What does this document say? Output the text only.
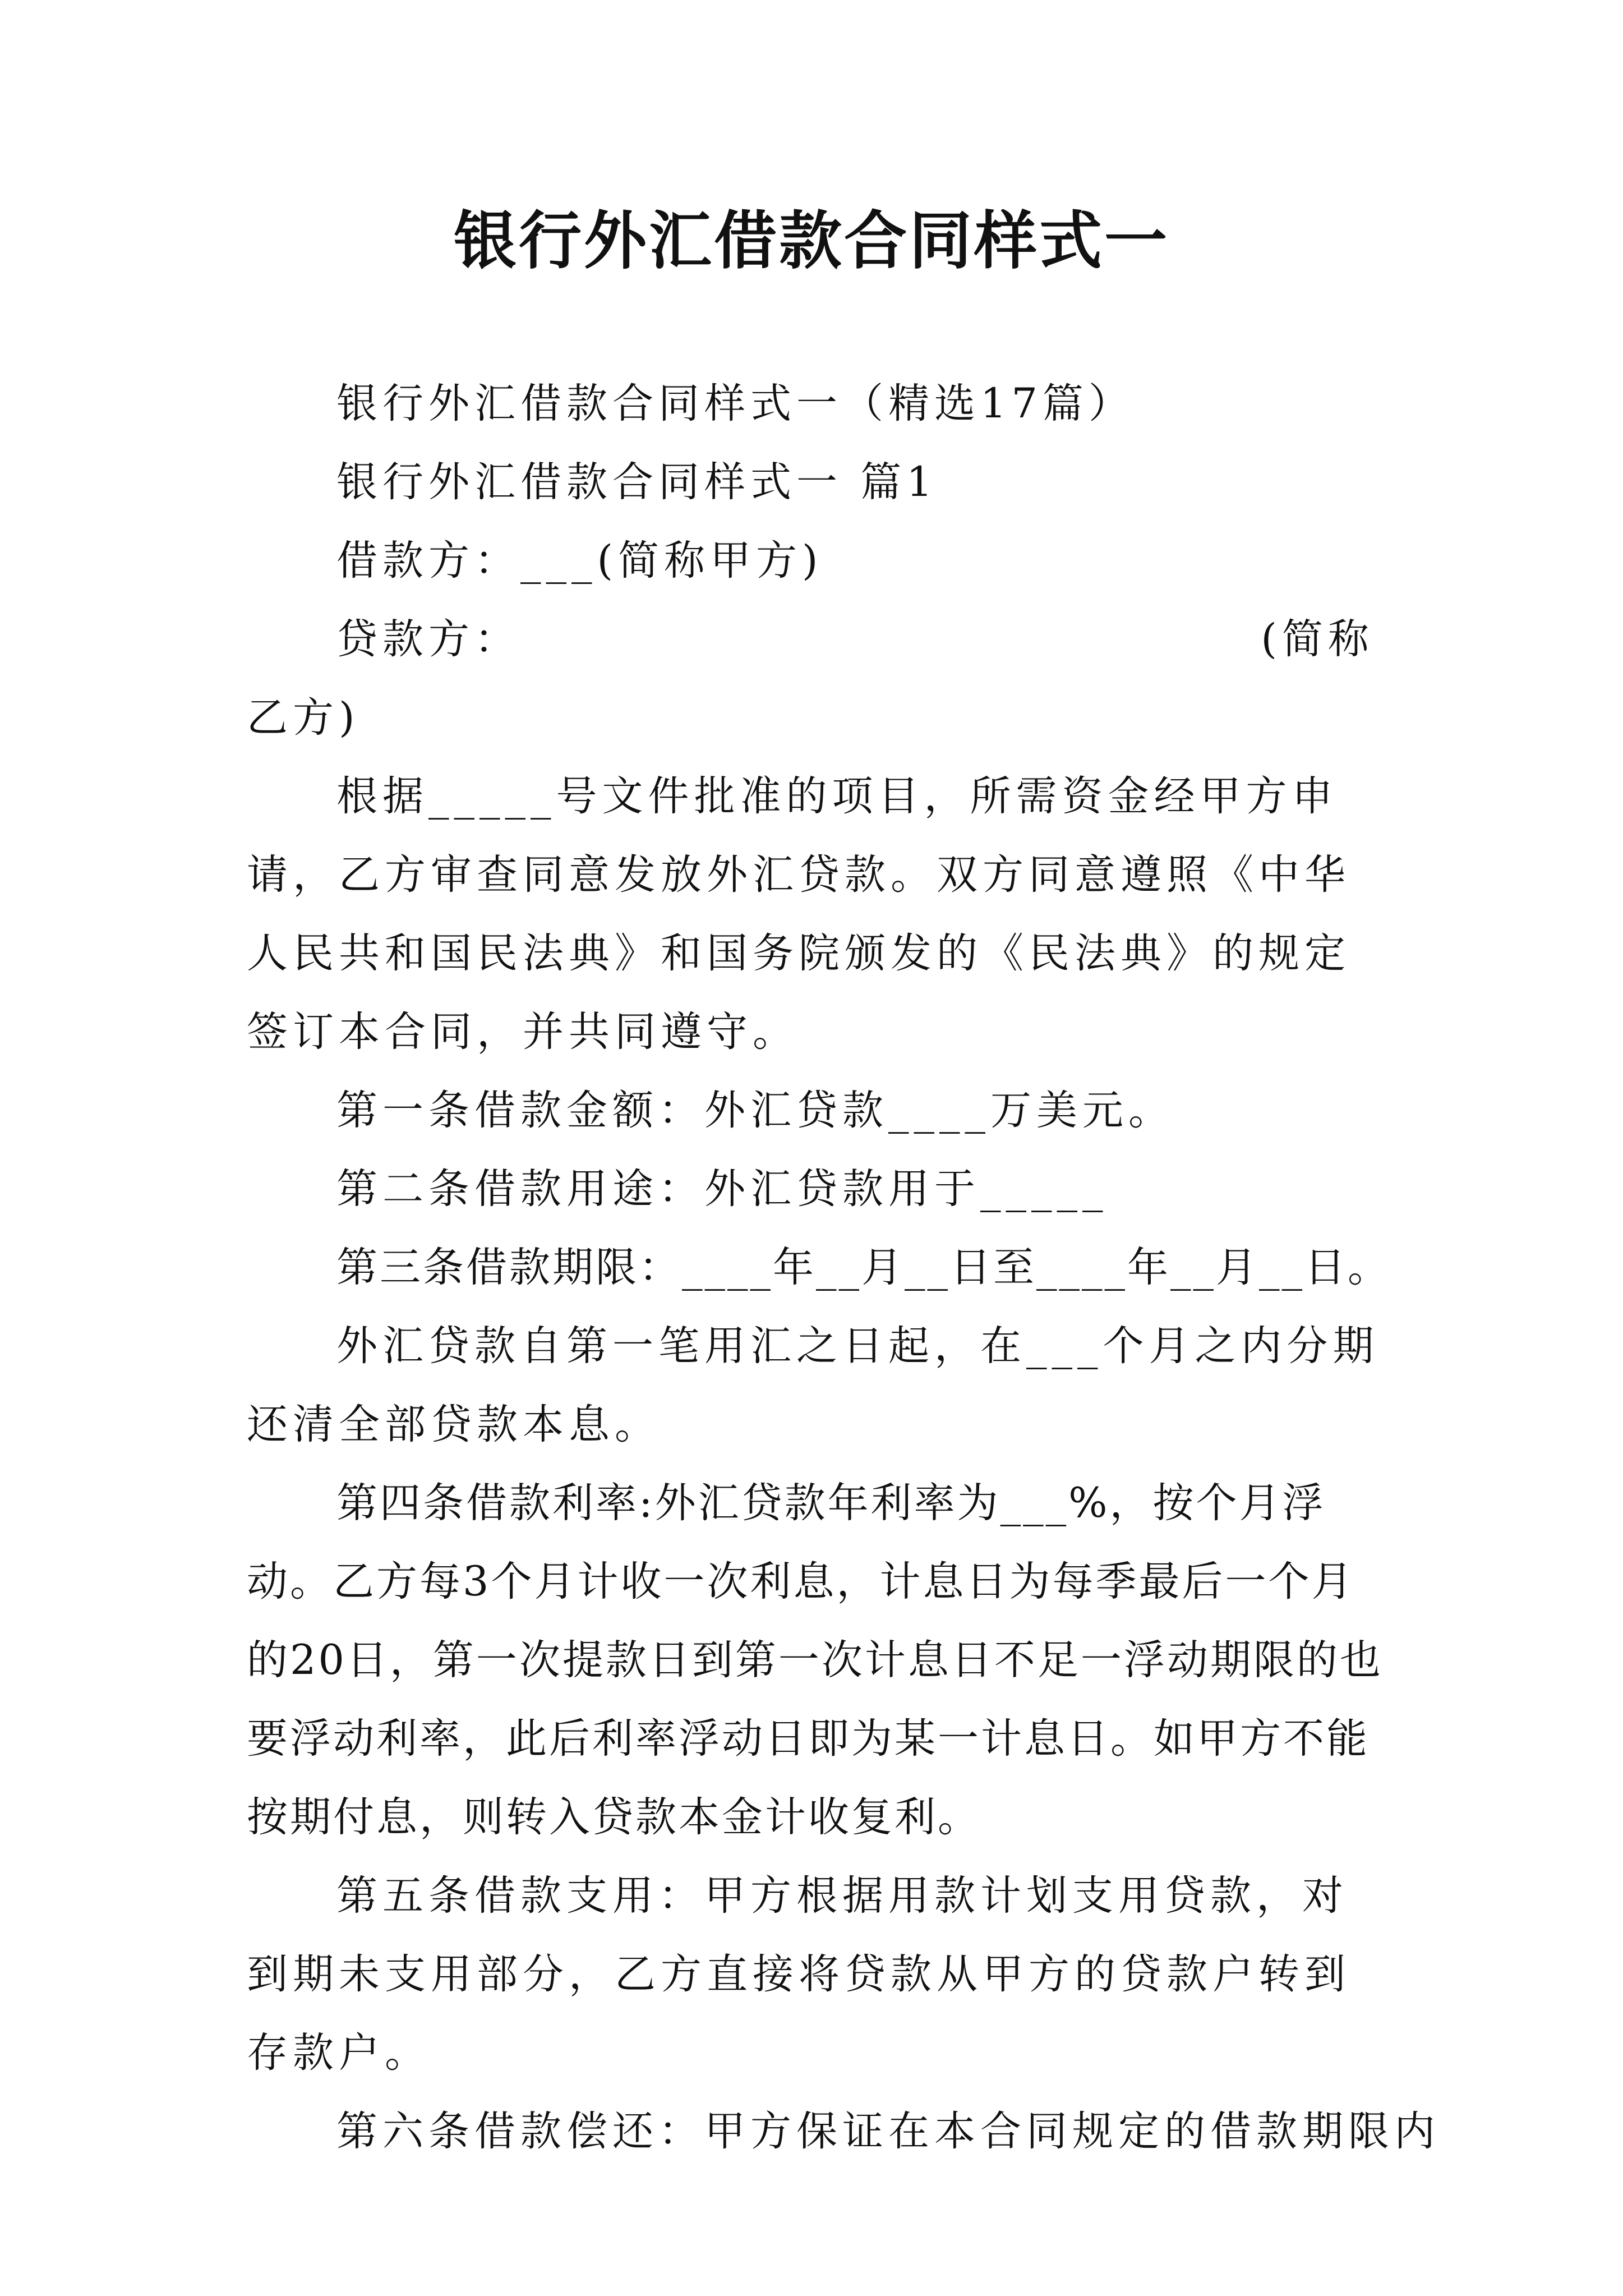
银行外汇借款合同样式一

银行外汇借款合同样式一（精选17篇）

银行外汇借款合同样式一 篇1

借款方：___(简称甲方)

贷款方：                                         (简称乙方)

根据_____号文件批准的项目，所需资金经甲方申请，乙方审查同意发放外汇贷款。双方同意遵照《中华人民共和国民法典》和国务院颁发的《民法典》的规定签订本合同，并共同遵守。

第一条借款金额：外汇贷款____万美元。

第二条借款用途：外汇贷款用于_____

第三条借款期限：____年__月__日至____年__月__日。

外汇贷款自第一笔用汇之日起，在___个月之内分期还清全部贷款本息。

第四条借款利率:外汇贷款年利率为___%，按个月浮动。乙方每3个月计收一次利息，计息日为每季最后一个月的20日，第一次提款日到第一次计息日不足一浮动期限的也要浮动利率，此后利率浮动日即为某一计息日。如甲方不能按期付息，则转入贷款本金计收复利。

第五条借款支用：甲方根据用款计划支用贷款，对到期未支用部分，乙方直接将贷款从甲方的贷款户转到存款户。

第六条借款偿还：甲方保证在本合同规定的借款期限内
